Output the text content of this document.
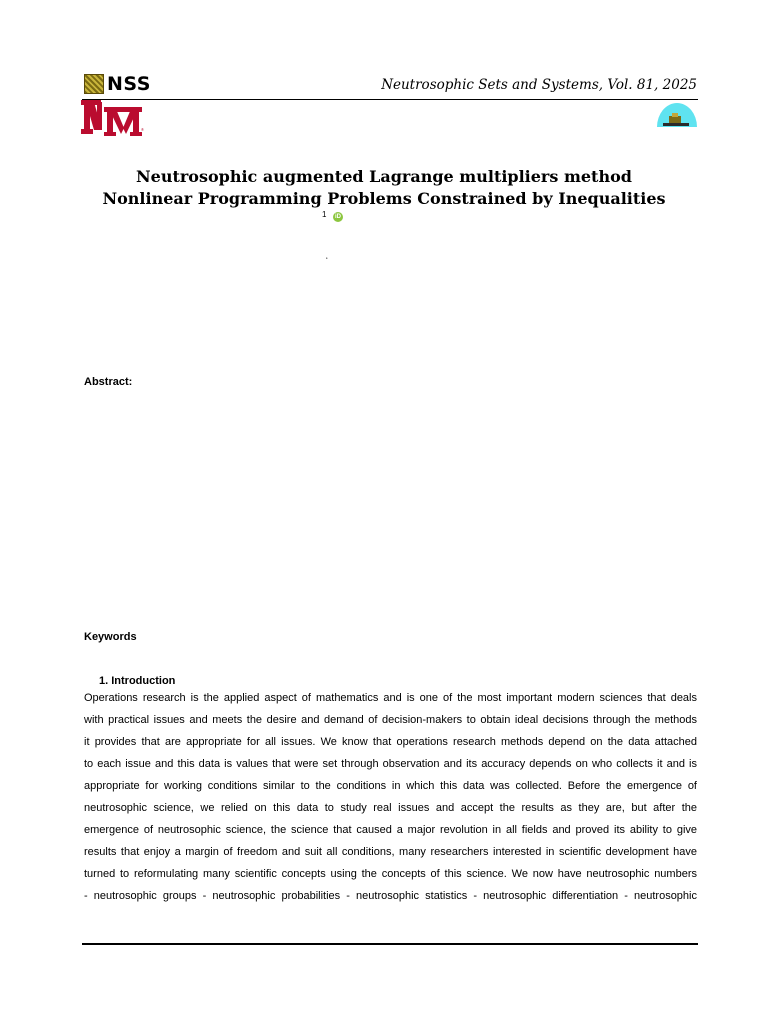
NSS	Neutrosophic Sets and Systems, Vol. 81, 2025
®
Neutrosophic augmented Lagrange multipliers method
Nonlinear Programming Problems Constrained by Inequalities
1	iD
ʻ
Abstract:
Keywords
1. Introduction
Operations research is the applied aspect of mathematics and is one of the most important modern sciences that deals
with practical issues and meets the desire and demand of decision-makers to obtain ideal decisions through the methods
it provides that are appropriate for all issues. We know that operations research methods depend on the data attached
to each issue and this data is values that were set through observation and its accuracy depends on who collects it and is
appropriate for working conditions similar to the conditions in which this data was collected. Before the emergence of
neutrosophic science, we relied on this data to study real issues and accept the results as they are, but after the
emergence of neutrosophic science, the science that caused a major revolution in all fields and proved its ability to give
results that enjoy a margin of freedom and suit all conditions, many researchers interested in scientific development have
turned to reformulating many scientific concepts using the concepts of this science. We now have neutrosophic numbers
- neutrosophic groups - neutrosophic probabilities - neutrosophic statistics - neutrosophic differentiation - neutrosophic
